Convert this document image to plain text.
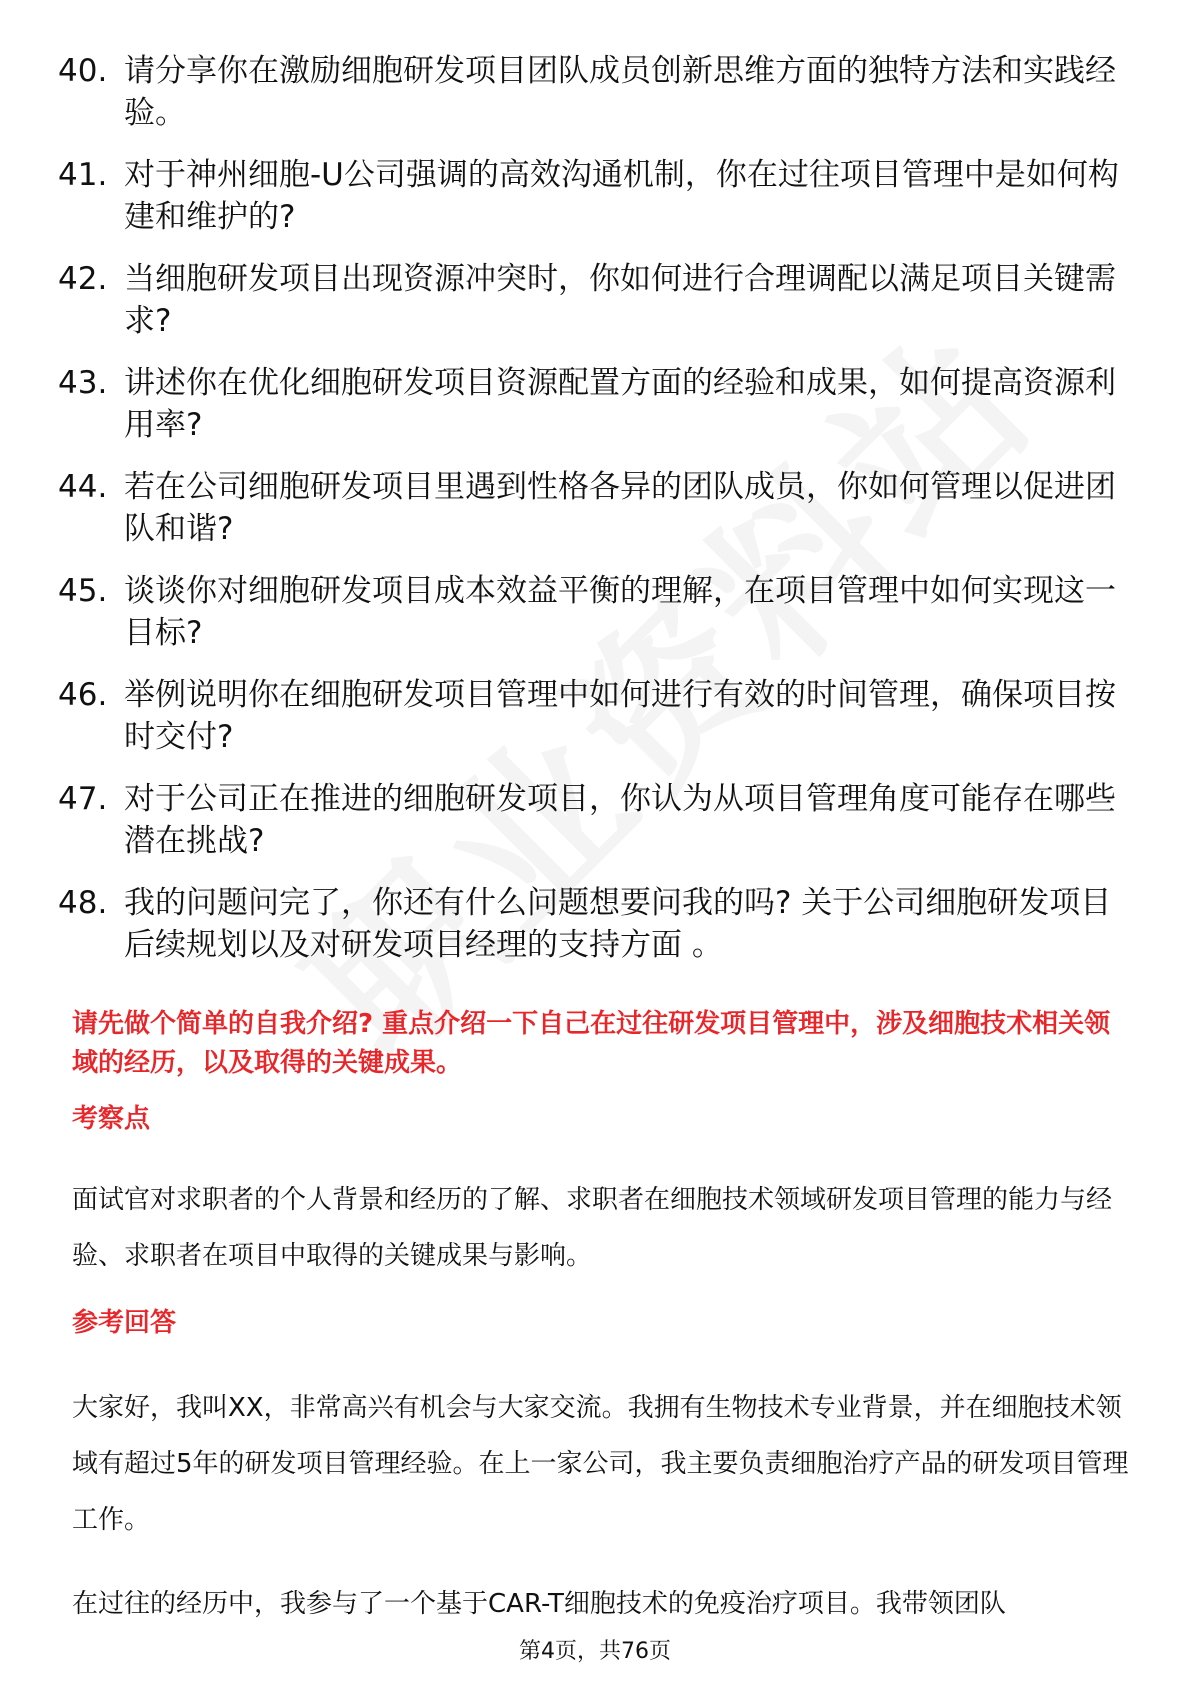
40. 请分享你在激励细胞研发项目团队成员创新思维方面的独特方法和实践经验。
41. 对于神州细胞-U公司强调的高效沟通机制，你在过往项目管理中是如何构建和维护的?
42. 当细胞研发项目出现资源冲突时，你如何进行合理调配以满足项目关键需求?
43. 讲述你在优化细胞研发项目资源配置方面的经验和成果，如何提高资源利用率?
44. 若在公司细胞研发项目里遇到性格各异的团队成员，你如何管理以促进团队和谐?
45. 谈谈你对细胞研发项目成本效益平衡的理解，在项目管理中如何实现这一目标?
46. 举例说明你在细胞研发项目管理中如何进行有效的时间管理，确保项目按时交付?
47. 对于公司正在推进的细胞研发项目，你认为从项目管理角度可能存在哪些潜在挑战?
48. 我的问题问完了，你还有什么问题想要问我的吗? 关于公司细胞研发项目后续规划以及对研发项目经理的支持方面 。

请先做个简单的自我介绍? 重点介绍一下自己在过往研发项目管理中，涉及细胞技术相关领域的经历，以及取得的关键成果。

考察点

面试官对求职者的个人背景和经历的了解、求职者在细胞技术领域研发项目管理的能力与经验、求职者在项目中取得的关键成果与影响。

参考回答

大家好，我叫XX，非常高兴有机会与大家交流。我拥有生物技术专业背景，并在细胞技术领域有超过5年的研发项目管理经验。在上一家公司，我主要负责细胞治疗产品的研发项目管理工作。

在过往的经历中，我参与了一个基于CAR-T细胞技术的免疫治疗项目。我带领团队

第4页，共76页
